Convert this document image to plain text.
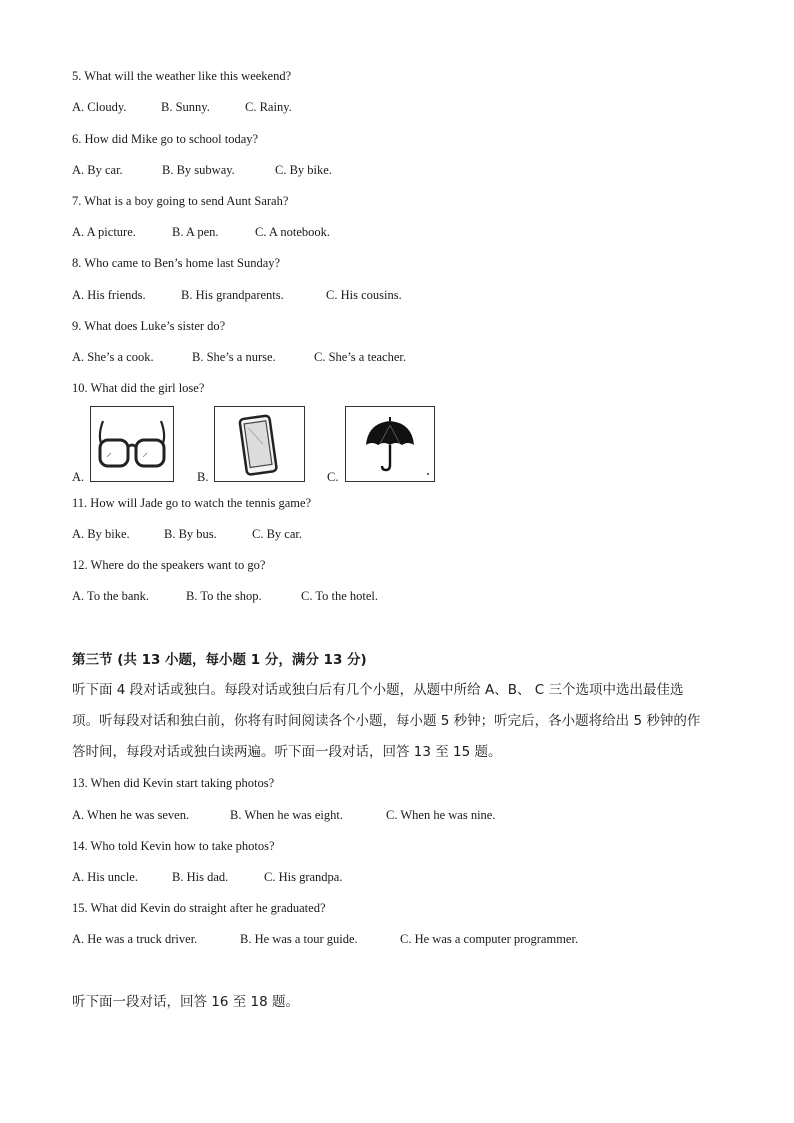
5. What will the weather like this weekend?

A. Cloudy.

	B. Sunny.

	C. Rainy.

6. How did Mike go to school today?

A. By car.

	B. By subway.

	C. By bike.

7. What is a boy going to send Aunt Sarah?

A. A picture.

	B. A pen.

	C. A notebook.

8. Who came to Ben’s home last Sunday?

A. His friends.

	B. His grandparents.

	C. His cousins.

9. What does Luke’s sister do?

A. She’s a cook.

	B. She’s a nurse.

	C. She’s a teacher.

10. What did the girl lose?
A.	B.	C.
11. How will Jade go to watch the tennis game?

A. By bike.

	B. By bus.

	C. By car.

12. Where do the speakers want to go?

A. To the bank.

	B. To the shop.

	C. To the hotel.

第三节 (共 13 小题，每小题 1 分，满分 13 分)
听下面 4 段对话或独白。每段对话或独白后有几个小题，从题中所给 A、B、 C 三个选项中选出最佳选
项。听每段对话和独白前，你将有时间阅读各个小题，每小题 5 秒钟；听完后，各小题将给出 5 秒钟的作
答时间，每段对话或独白读两遍。听下面一段对话，回答 13 至 15 题。
13. When did Kevin start taking photos?

A. When he was seven.

	B. When he was eight.

	C. When he was nine.

14. Who told Kevin how to take photos?

A. His uncle.

	B. His dad.

	C. His grandpa.

15. What did Kevin do straight after he graduated?

A. He was a truck driver.

	B. He was a tour guide.

	C. He was a computer programmer.

听下面一段对话，回答 16 至 18 题。
